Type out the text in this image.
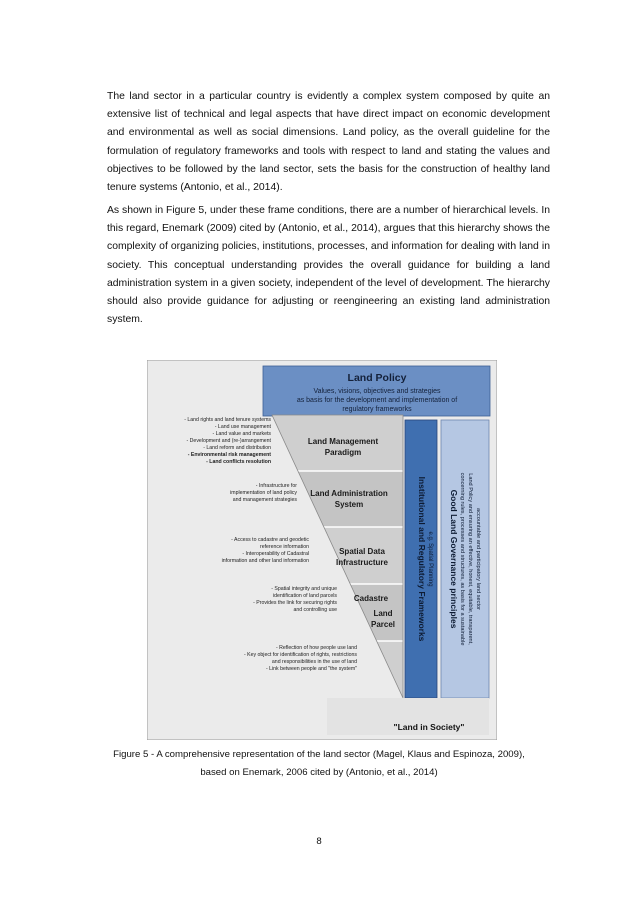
The land sector in a particular country is evidently a complex system composed by quite an extensive list of technical and legal aspects that have direct impact on economic development and environmental as well as social dimensions. Land policy, as the overall guideline for the formulation of regulatory frameworks and tools with respect to land and stating the values and objectives to be followed by the land sector, sets the basis for the construction of healthy land tenure systems (Antonio, et al., 2014).

As shown in Figure 5, under these frame conditions, there are a number of hierarchical levels. In this regard, Enemark (2009) cited by (Antonio, et al., 2014), argues that this hierarchy shows the complexity of organizing policies, institutions, processes, and information for dealing with land in society. This conceptual understanding provides the overall guidance for building a land administration system in a given society, independent of the level of development. The hierarchy should also provide guidance for adjusting or reengineering an existing land administration system.

Land Policy
Values, visions, objectives and strategies
as basis for the development and implementation of
regulatory frameworks
Land Management
Paradigm
Land Administration
System
Spatial Data
Infrastructure
Cadastre
Land
Parcel
- Land rights and land tenure systems
- Land use management
- Land value and markets
- Development and (re-)arrangement
- Land reform and distribution
- Environmental risk management
- Land conflicts resolution
- Infrastructure for
implementation of land policy
and management strategies
- Access to cadastre and geodetic
reference information
- Interoperability of Cadastral
information and other land information
- Spatial integrity and unique
identification of land parcels
- Provides the link for securing rights
and controlling use
- Reflection of how people use land
- Key object for identification of rights, restrictions
and responsibilities in the use of land
- Link between people and "the system"
Institutional and Regulatory Frameworks e.g. Spatial Planning Good Land Governance principles concerning rules, processes and structures, as basis for a sustainable Land Policy and ensuring an effective, honest, equitable, transparent, accountable and participatory land sector
"Land in Society"

Figure 5 - A comprehensive representation of the land sector (Magel, Klaus and Espinoza, 2009),

based on Enemark, 2006 cited by (Antonio, et al., 2014)

8
